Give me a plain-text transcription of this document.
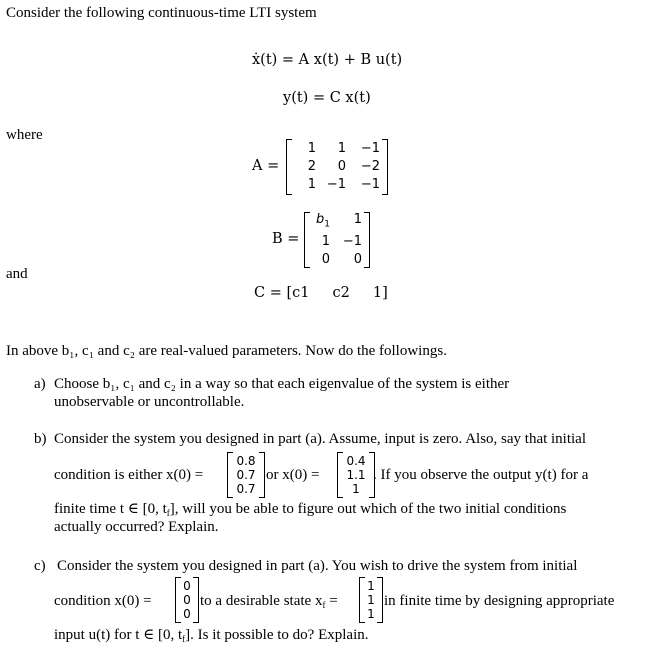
Consider the following continuous-time LTI system
ẋ(t) = A x(t) + B u(t)
y(t) = C x(t)
where
A =
1	1	−1
2	0	−2
1 −1	−1
B =
$b_1$	1
1 −1
0	0
and
C = [c1     c2     1]
In above b₁, c₁ and c₂ are real-valued parameters. Now do the followings.
a) Choose b₁, c₁ and c₂ in a way so that each eigenvalue of the system is either
unobservable or uncontrollable.
b) Consider the system you designed in part (a). Assume, input is zero. Also, say that initial
condition is either x(0) =
0.8
0.7
0.7
or x(0) =
0.4
1.1
1
. If you observe the output y(t) for a
finite time t ∈ [0, $t_f$], will you be able to figure out which of the two initial conditions
actually occurred? Explain.
c) Consider the system you designed in part (a). You wish to drive the system from initial
condition x(0) =
0
0
0
to a desirable state $x_f$ =
1
1
1
in finite time by designing appropriate
input u(t) for t ∈ [0, $t_f$]. Is it possible to do? Explain.
